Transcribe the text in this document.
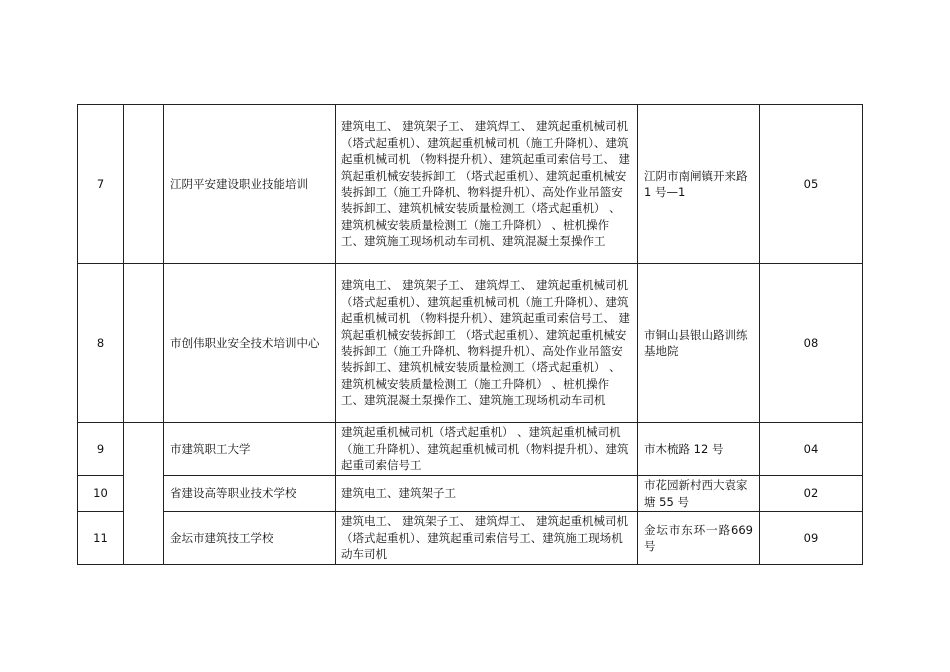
7		江阴平安建设职业技能培训	建筑电工、 建筑架子工、 建筑焊工、 建筑起重机械司机（塔式起重机）、建筑起重机械司机（施工升降机）、建筑起重机械司机 （物料提升机）、建筑起重司索信号工、 建筑起重机械安装拆卸工 （塔式起重机）、建筑起重机械安装拆卸工（施工升降机、物料提升机）、高处作业吊篮安装拆卸工、建筑机械安装质量检测工（塔式起重机） 、建筑机械安装质量检测工（施工升降机） 、桩机操作工、建筑施工现场机动车司机、建筑混凝土泵操作工	江阴市南闸镇开来路 1 号—1	05
8		市创伟职业安全技术培训中心	建筑电工、 建筑架子工、 建筑焊工、 建筑起重机械司机（塔式起重机）、建筑起重机械司机（施工升降机）、建筑起重机械司机 （物料提升机）、建筑起重司索信号工、 建筑起重机械安装拆卸工 （塔式起重机）、建筑起重机械安装拆卸工（施工升降机、物料提升机）、高处作业吊篮安装拆卸工、建筑机械安装质量检测工（塔式起重机） 、建筑机械安装质量检测工（施工升降机） 、桩机操作工、建筑混凝土泵操作工、建筑施工现场机动车司机	市铜山县银山路训练基地院	08
9		市建筑职工大学	建筑起重机械司机（塔式起重机） 、建筑起重机械司机（施工升降机）、建筑起重机械司机（物料提升机）、建筑起重司索信号工	市木梳路 12 号	04
10		省建设高等职业技术学校	建筑电工、建筑架子工	市花园新村西大袁家塘 55 号	02
11		金坛市建筑技工学校	建筑电工、 建筑架子工、 建筑焊工、 建筑起重机械司机（塔式起重机）、建筑起重司索信号工、建筑施工现场机动车司机	金坛市东环一路669 号	09
